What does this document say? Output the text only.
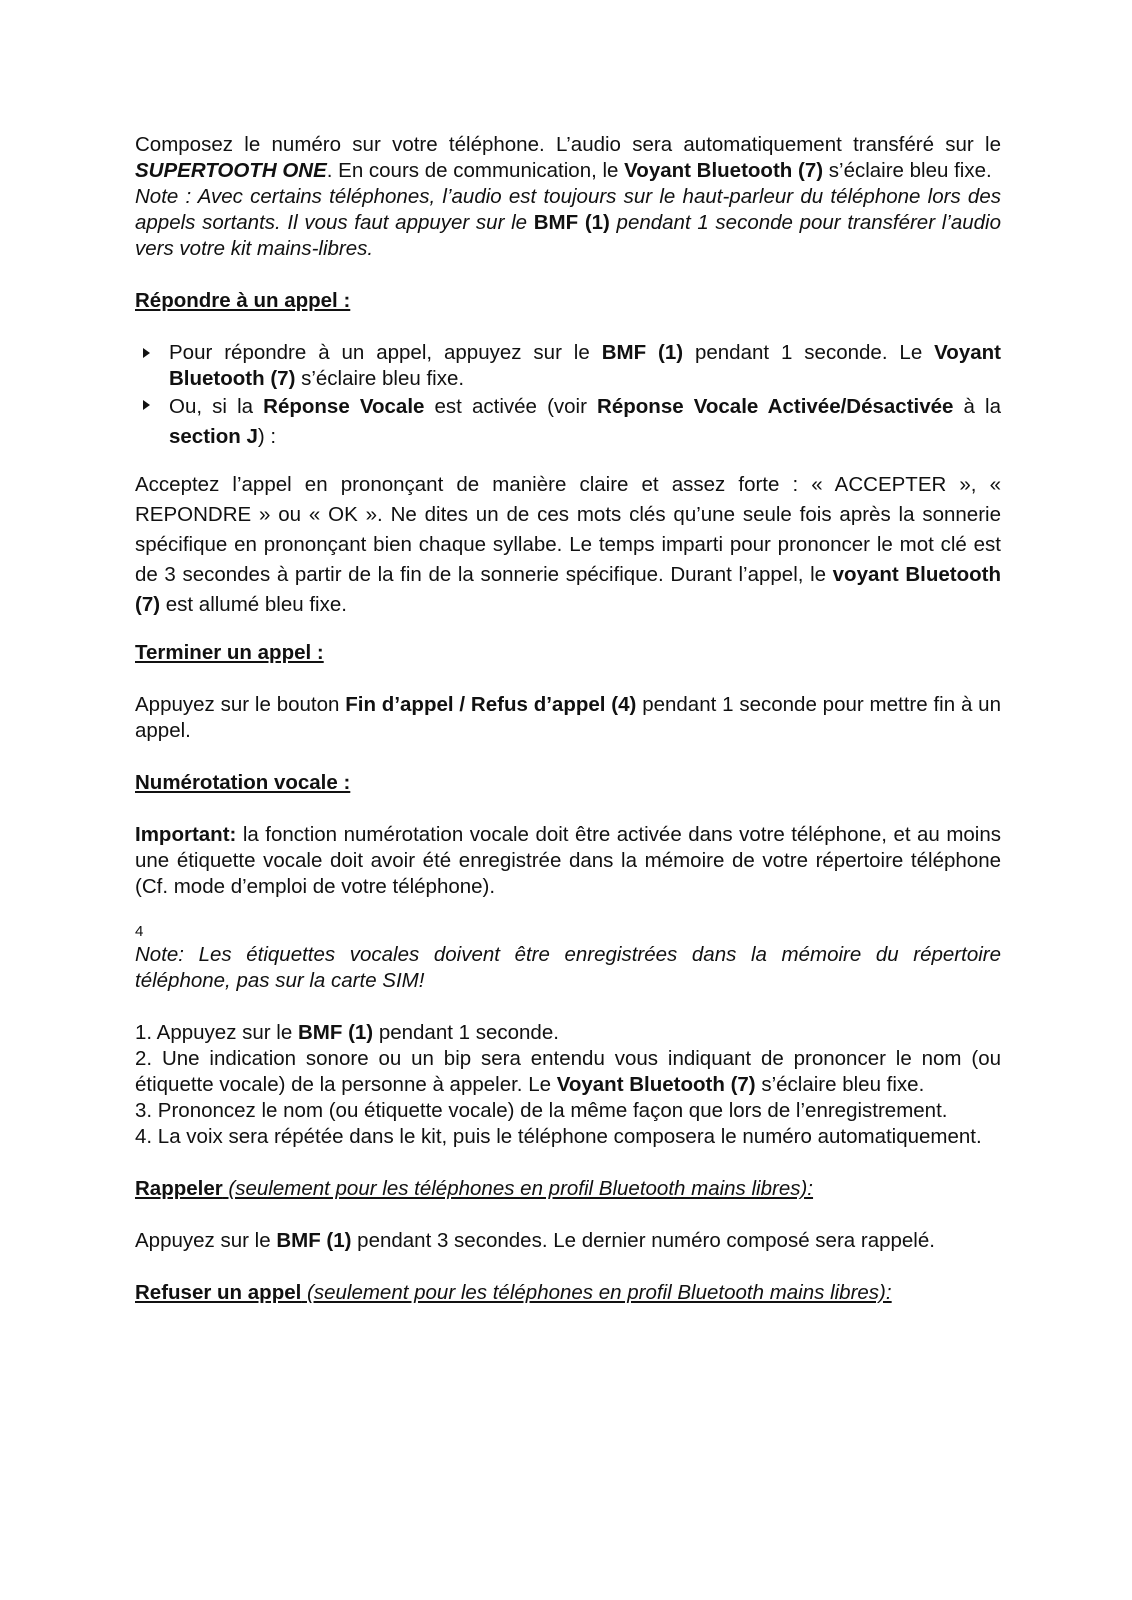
Composez le numéro sur votre téléphone. L’audio sera automatiquement transféré sur le SUPERTOOTH ONE. En cours de communication, le Voyant Bluetooth (7) s’éclaire bleu fixe.

Note : Avec certains téléphones, l’audio est toujours sur le haut-parleur du téléphone lors des appels sortants. Il vous faut appuyer sur le BMF (1) pendant 1 seconde pour transférer l’audio vers votre kit mains-libres.

Répondre à un appel :

Pour répondre à un appel, appuyez sur le BMF (1) pendant 1 seconde. Le Voyant Bluetooth (7) s’éclaire bleu fixe.

Ou, si la Réponse Vocale est activée (voir Réponse Vocale Activée/Désactivée à la section J) :

Acceptez l’appel en prononçant de manière claire et assez forte : « ACCEPTER », « REPONDRE » ou « OK ». Ne dites un de ces mots clés qu’une seule fois après la sonnerie spécifique en prononçant bien chaque syllabe. Le temps imparti pour prononcer le mot clé est de 3 secondes à partir de la fin de la sonnerie spécifique. Durant l’appel, le voyant Bluetooth (7) est allumé bleu fixe.

Terminer un appel :

Appuyez sur le bouton Fin d’appel / Refus d’appel (4) pendant 1 seconde pour mettre fin à un appel.

Numérotation vocale :

Important: la fonction numérotation vocale doit être activée dans votre téléphone, et au moins une étiquette vocale doit avoir été enregistrée dans la mémoire de votre répertoire téléphone (Cf. mode d’emploi de votre téléphone).

4

Note: Les étiquettes vocales doivent être enregistrées dans la mémoire du répertoire téléphone, pas sur la carte SIM!

1. Appuyez sur le BMF (1) pendant 1 seconde.

2. Une indication sonore ou un bip sera entendu vous indiquant de prononcer le nom (ou étiquette vocale) de la personne à appeler. Le Voyant Bluetooth (7) s’éclaire bleu fixe.

3. Prononcez le nom (ou étiquette vocale) de la même façon que lors de l’enregistrement.

4. La voix sera répétée dans le kit, puis le téléphone composera le numéro automatiquement.

Rappeler (seulement pour les téléphones en profil Bluetooth mains libres):

Appuyez sur le BMF (1) pendant 3 secondes. Le dernier numéro composé sera rappelé.

Refuser un appel (seulement pour les téléphones en profil Bluetooth mains libres):
